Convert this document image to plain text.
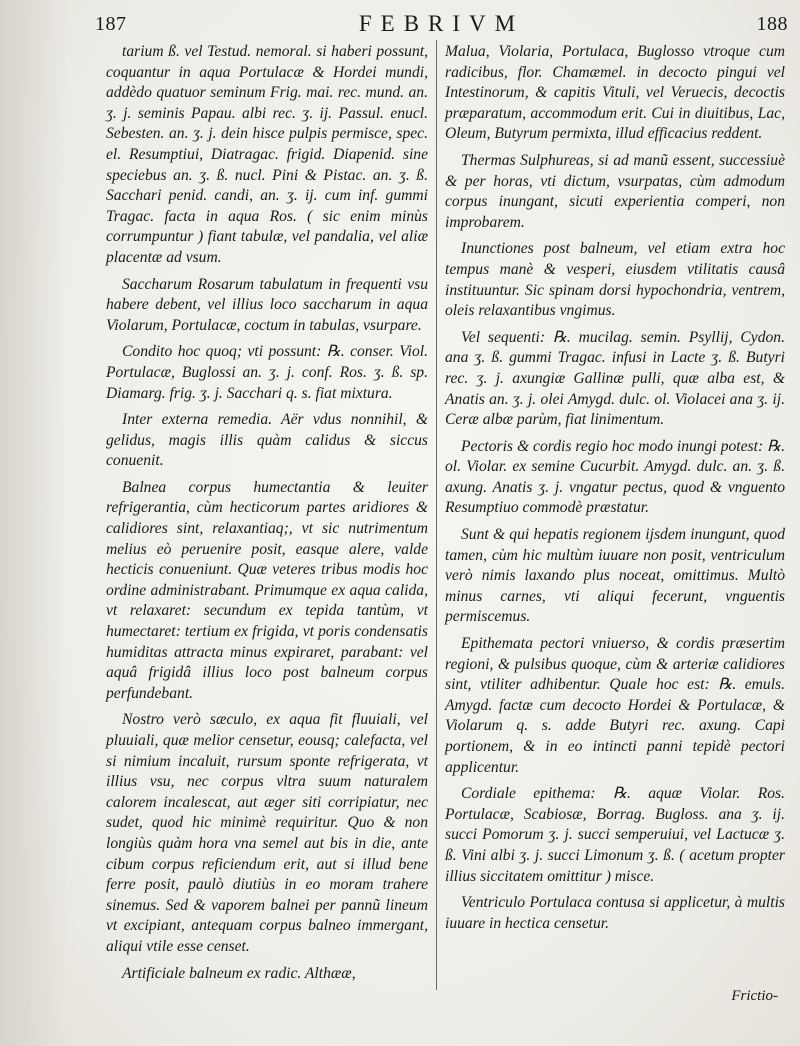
187	FEBRIVM	188

tarium ß. vel Testud. nemoral. si haberi possunt, coquantur in aqua Portulacæ & Hordei mundi, addèdo quatuor seminum Frig. mai. rec. mund. an. ʒ. j. seminis Papau. albi rec. ʒ. ij. Passul. enucl. Sebesten. an. ʒ. j. dein hisce pulpis permisce, spec. el. Resumptiui, Diatragac. frigid. Diapenid. sine speciebus an. ʒ. ß. nucl. Pini & Pistac. an. ʒ. ß. Sacchari penid. candi, an. ʒ. ij. cum inf. gummi Tragac. facta in aqua Ros. ( sic enim minùs corrumpuntur ) fiant tabulæ, vel pandalia, vel aliæ placentæ ad vsum.

Saccharum Rosarum tabulatum in frequenti vsu habere debent, vel illius loco saccharum in aqua Violarum, Portulacæ, coctum in tabulas, vsurpare.

Condito hoc quoq; vti possunt: ℞. conser. Viol. Portulacæ, Buglossi an. ʒ. j. conf. Ros. ʒ. ß. sp. Diamarg. frig. ʒ. j. Sacchari q. s. fiat mixtura.

Inter externa remedia. Aër vdus nonnihil, & gelidus, magis illis quàm calidus & siccus conuenit.

Balnea corpus humectantia & leuiter refrigerantia, cùm hecticorum partes aridiores & calidiores sint, relaxantiaq;, vt sic nutrimentum melius eò peruenire posit, easque alere, valde hecticis conueniunt. Quæ veteres tribus modis hoc ordine administrabant. Primumque ex aqua calida, vt relaxaret: secundum ex tepida tantùm, vt humectaret: tertium ex frigida, vt poris condensatis humiditas attracta minus expiraret, parabant: vel aquâ frigidâ illius loco post balneum corpus perfundebant.

Nostro verò sæculo, ex aqua fit fluuiali, vel pluuiali, quæ melior censetur, eousq; calefacta, vel si nimium incaluit, rursum sponte refrigerata, vt illius vsu, nec corpus vltra suum naturalem calorem incalescat, aut æger siti corripiatur, nec sudet, quod hic minimè requiritur. Quo & non longiùs quàm hora vna semel aut bis in die, ante cibum corpus reficiendum erit, aut si illud bene ferre posit, paulò diutiùs in eo moram trahere sinemus. Sed & vaporem balnei per pannũ lineum vt excipiant, antequam corpus balneo immergant, aliqui vtile esse censet.

Artificiale balneum ex radic. Althææ,

Malua, Violaria, Portulaca, Buglosso vtroque cum radicibus, flor. Chamæmel. in decocto pingui vel Intestinorum, & capitis Vituli, vel Veruecis, decoctis præparatum, accommodum erit. Cui in diuitibus, Lac, Oleum, Butyrum permixta, illud efficacius reddent.

Thermas Sulphureas, si ad manũ essent, successiuè & per horas, vti dictum, vsurpatas, cùm admodum corpus inungant, sicuti experientia comperi, non improbarem.

Inunctiones post balneum, vel etiam extra hoc tempus manè & vesperi, eiusdem vtilitatis causâ instituuntur. Sic spinam dorsi hypochondria, ventrem, oleis relaxantibus vngimus.

Vel sequenti: ℞. mucilag. semin. Psyllij, Cydon. ana ʒ. ß. gummi Tragac. infusi in Lacte ʒ. ß. Butyri rec. ʒ. j. axungiæ Gallinæ pulli, quæ alba est, & Anatis an. ʒ. j. olei Amygd. dulc. ol. Violacei ana ʒ. ij. Ceræ albæ parùm, fiat linimentum.

Pectoris & cordis regio hoc modo inungi potest: ℞. ol. Violar. ex semine Cucurbit. Amygd. dulc. an. ʒ. ß. axung. Anatis ʒ. j. vngatur pectus, quod & vnguento Resumptiuo commodè præstatur.

Sunt & qui hepatis regionem ijsdem inungunt, quod tamen, cùm hic multùm iuuare non posit, ventriculum verò nimis laxando plus noceat, omittimus. Multò minus carnes, vti aliqui fecerunt, vnguentis permiscemus.

Epithemata pectori vniuerso, & cordis præsertim regioni, & pulsibus quoque, cùm & arteriæ calidiores sint, vtiliter adhibentur. Quale hoc est: ℞. emuls. Amygd. factæ cum decocto Hordei & Portulacæ, & Violarum q. s. adde Butyri rec. axung. Capi portionem, & in eo intincti panni tepidè pectori applicentur.

Cordiale epithema: ℞. aquæ Violar. Ros. Portulacæ, Scabiosæ, Borrag. Bugloss. ana ʒ. ij. succi Pomorum ʒ. j. succi semperuiui, vel Lactucæ ʒ. ß. Vini albi ʒ. j. succi Limonum ʒ. ß. ( acetum propter illius siccitatem omittitur ) misce.

Ventriculo Portulaca contusa si applicetur, à multis iuuare in hectica censetur.

Frictio-
